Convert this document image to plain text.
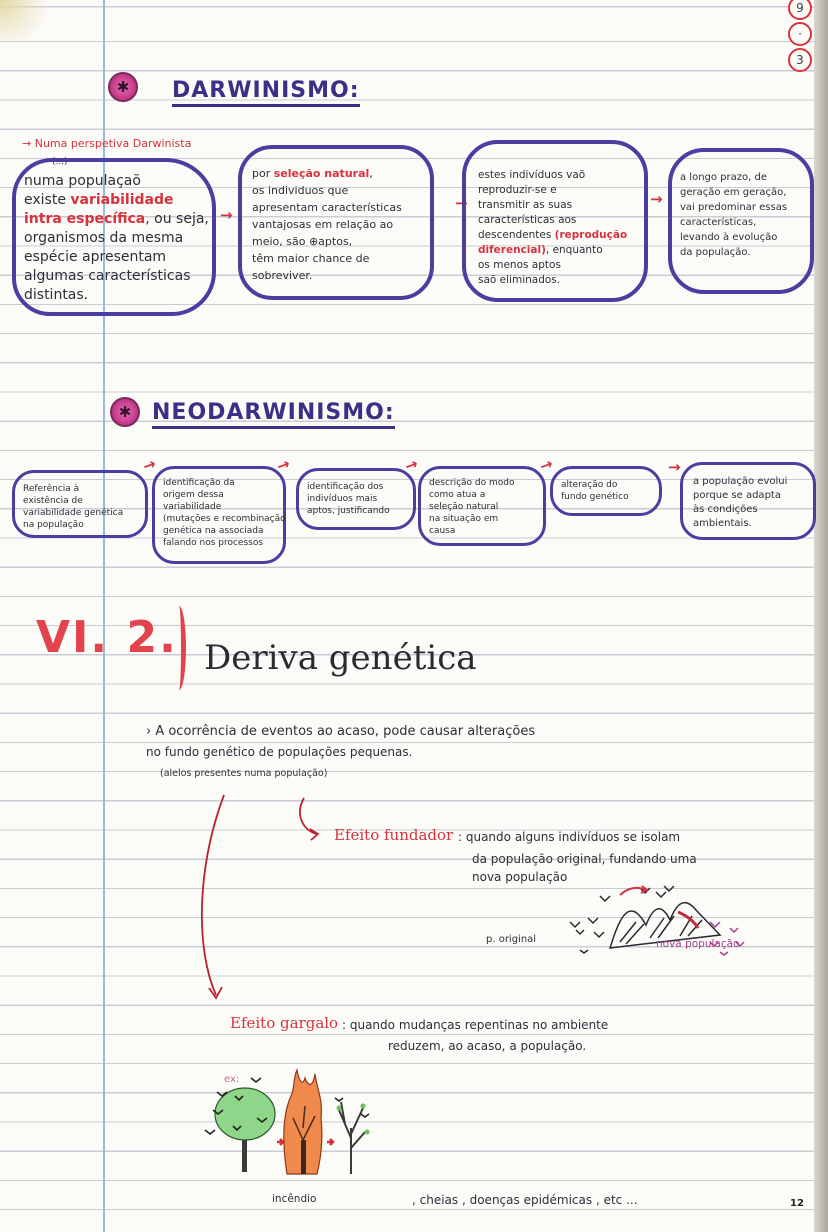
9
·
3
✱	DARWINISMO:
→ Numa perspetiva Darwinista
(...)
numa populaçaõ
existe variabilidade
intra específica, ou seja,
organismos da mesma
espécie apresentam
algumas características
distintas.
→
por seleção natural,
os individuos que
apresentam características
vantajosas em relação ao
meio, são ⊕aptos,
têm maior chance de
sobreviver.
→
estes indivíduos vaõ
reproduzir-se e
transmitir as suas
características aos
descendentes (reprodução
diferencial), enquanto
os menos aptos
saõ eliminados.
→
a longo prazo, de
geração em geração,
vai predominar essas
características,
levando à evolução
da população.
✱ NEODARWINISMO:
Referência à
existência de
variabilidade genética
na população
→
identificação da
origem dessa
variabilidade
(mutações e recombinação
genética na associada
falando nos processos
→
identificação dos
indivíduos mais
aptos, justificando
→
descrição do modo
como atua a
seleção natural
na situação em
causa
→
alteração do
fundo genético
→
a população evolui
porque se adapta
às condições
ambientais.
VI. 2. Deriva genética
› A ocorrência de eventos ao acaso, pode causar alterações
no fundo genético de populações pequenas.
(alelos presentes numa população)
Efeito fundador : quando alguns indivíduos se isolam
da população original, fundando uma
nova população
p. original	nova população
Efeito gargalo : quando mudanças repentinas no ambiente
reduzem, ao acaso, a população.
ex:
incêndio	, cheias , doenças epidémicas , etc ...	12
